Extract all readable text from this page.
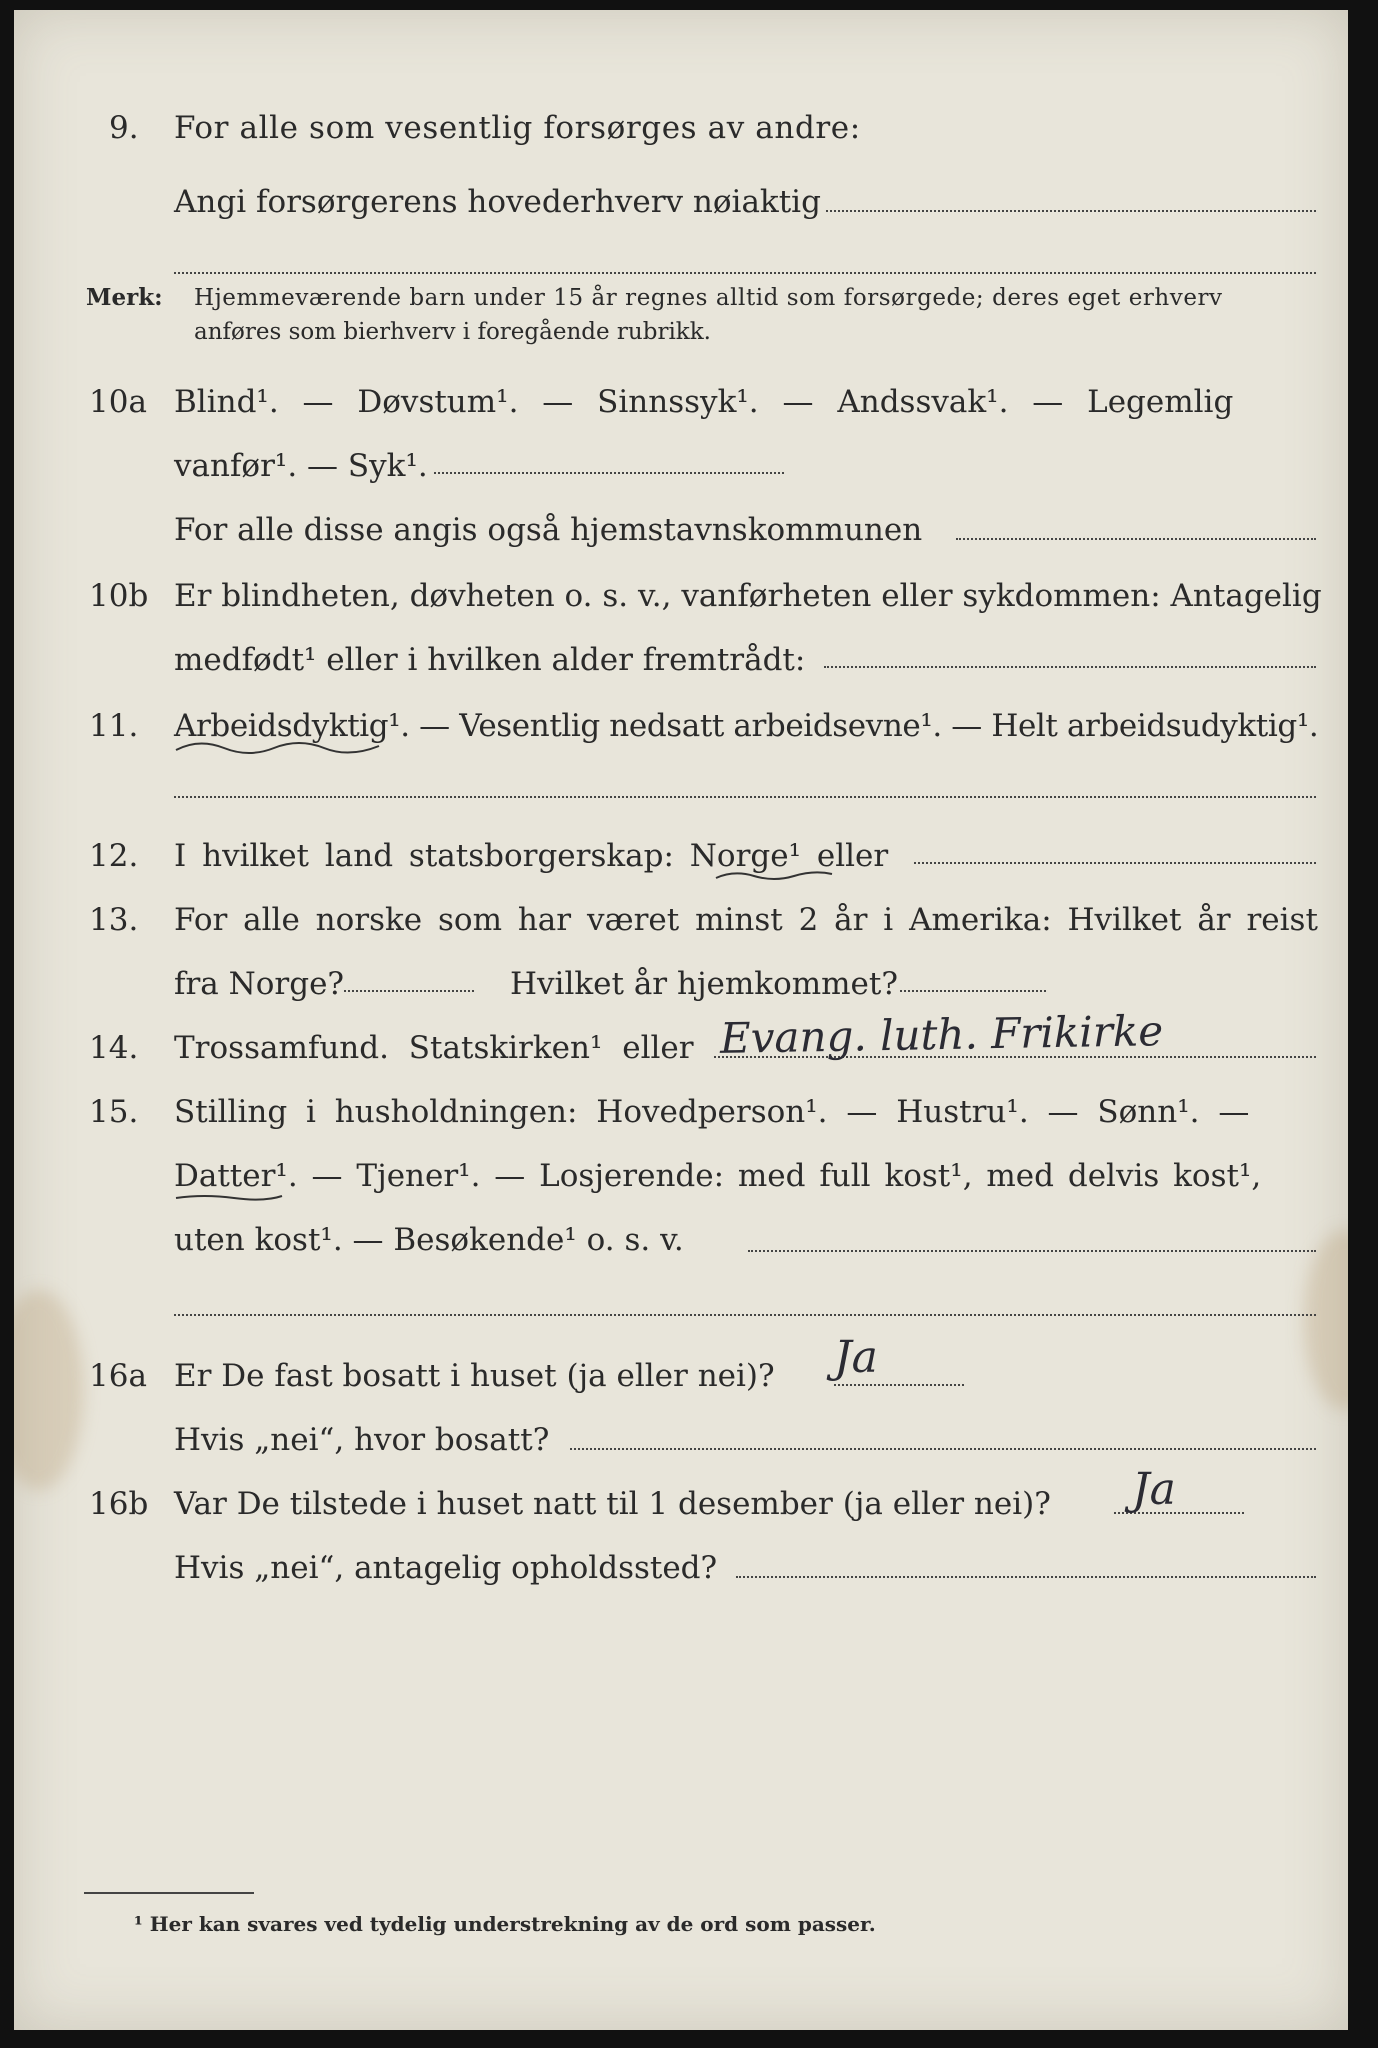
9. For alle som vesentlig forsørges av andre:
Angi forsørgerens hovederhverv nøiaktig
Merk: Hjemmeværende barn under 15 år regnes alltid som forsørgede; deres eget erhverv
anføres som bierhverv i foregående rubrikk.
10a Blind¹. — Døvstum¹. — Sinnssyk¹. — Andssvak¹. — Legemlig
vanfør¹. — Syk¹.
For alle disse angis også hjemstavnskommunen
10b Er blindheten, døvheten o. s. v., vanførheten eller sykdommen: Antagelig
medfødt¹ eller i hvilken alder fremtrådt:
11. Arbeidsdyktig¹. — Vesentlig nedsatt arbeidsevne¹. — Helt arbeidsudyktig¹.
12. I hvilket land statsborgerskap: Norge¹ eller
13. For alle norske som har været minst 2 år i Amerika: Hvilket år reist
fra Norge?	Hvilket år hjemkommet?
14. Trossamfund. Statskirken¹ eller Evang. luth. Frikirke
15. Stilling i husholdningen: Hovedperson¹. — Hustru¹. — Sønn¹. —
Datter¹. — Tjener¹. — Losjerende: med full kost¹, med delvis kost¹,
uten kost¹. — Besøkende¹ o. s. v.
16a Er De fast bosatt i huset (ja eller nei)? Ja
Hvis „nei“, hvor bosatt?
16b Var De tilstede i huset natt til 1 desember (ja eller nei)? Ja
Hvis „nei“, antagelig opholdssted?
¹ Her kan svares ved tydelig understrekning av de ord som passer.
